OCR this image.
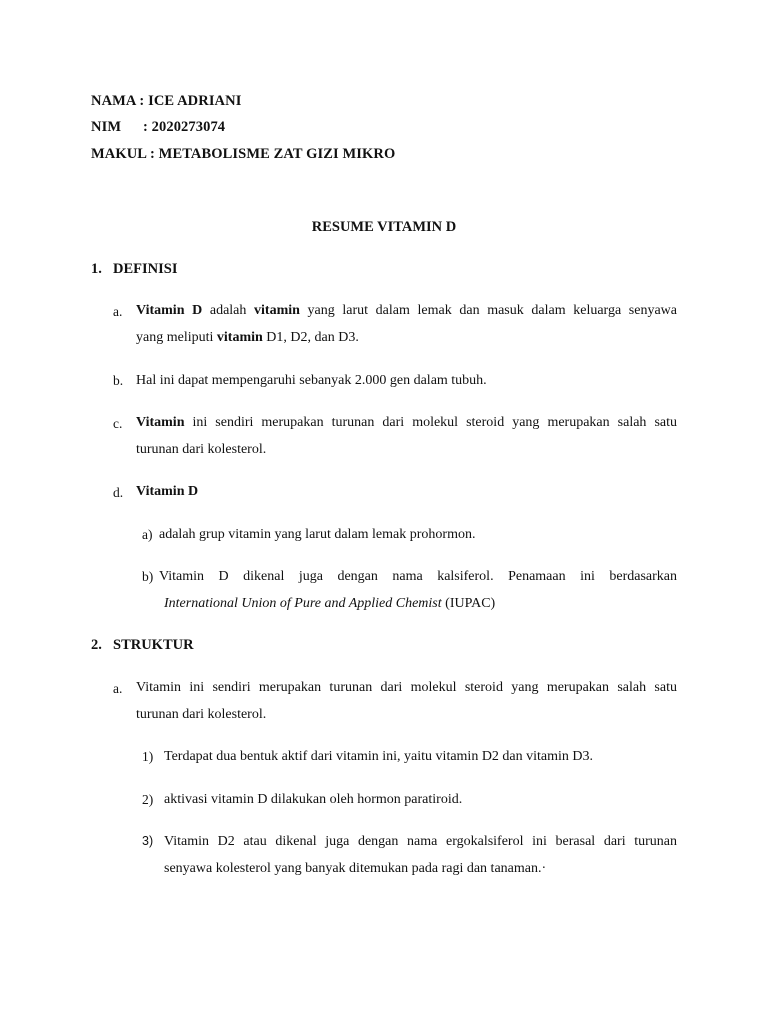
NAMA : ICE ADRIANI
NIM : 2020273074
MAKUL : METABOLISME ZAT GIZI MIKRO
RESUME VITAMIN D
1. DEFINISI
a. Vitamin D adalah vitamin yang larut dalam lemak dan masuk dalam keluarga senyawa
yang meliputi vitamin D1, D2, dan D3.
b. Hal ini dapat mempengaruhi sebanyak 2.000 gen dalam tubuh.
c. Vitamin ini sendiri merupakan turunan dari molekul steroid yang merupakan salah satu
turunan dari kolesterol.
d. Vitamin D
a) adalah grup vitamin yang larut dalam lemak prohormon.
b) Vitamin D dikenal juga dengan nama kalsiferol. Penamaan ini berdasarkan
International Union of Pure and Applied Chemist (IUPAC)
2. STRUKTUR
a. Vitamin ini sendiri merupakan turunan dari molekul steroid yang merupakan salah satu
turunan dari kolesterol.
1) Terdapat dua bentuk aktif dari vitamin ini, yaitu vitamin D2 dan vitamin D3.
2) aktivasi vitamin D dilakukan oleh hormon paratiroid.
3) Vitamin D2 atau dikenal juga dengan nama ergokalsiferol ini berasal dari turunan
senyawa kolesterol yang banyak ditemukan pada ragi dan tanaman.·
